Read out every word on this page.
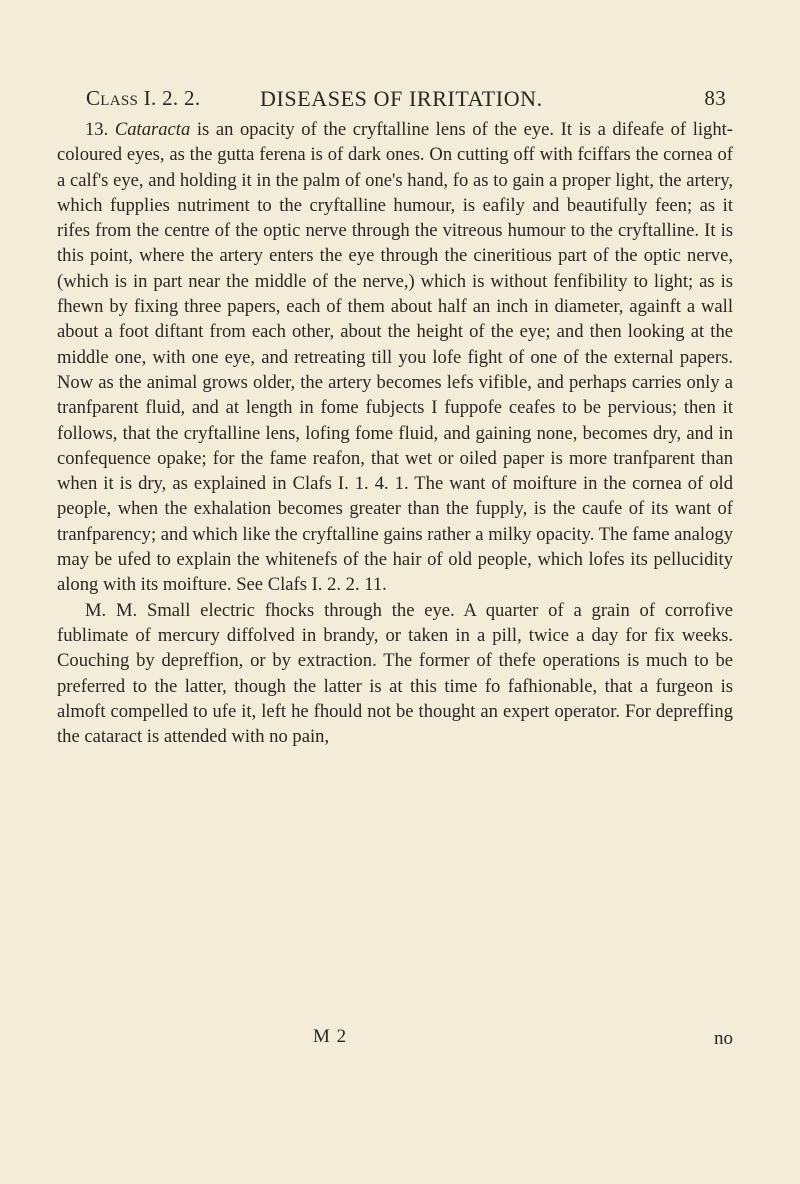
Class I. 2. 2.	DISEASES OF IRRITATION.	83

13. Cataracta is an opacity of the cryftalline lens of the eye. It is a difeafe of light-coloured eyes, as the gutta ferena is of dark ones. On cutting off with fciffars the cornea of a calf's eye, and holding it in the palm of one's hand, fo as to gain a proper light, the artery, which fupplies nutriment to the cryftalline humour, is eafily and beautifully feen; as it rifes from the centre of the optic nerve through the vitreous humour to the cryftalline. It is this point, where the artery enters the eye through the cineritious part of the optic nerve, (which is in part near the middle of the nerve,) which is without fenfibility to light; as is fhewn by fixing three papers, each of them about half an inch in diameter, againft a wall about a foot diftant from each other, about the height of the eye; and then looking at the middle one, with one eye, and retreating till you lofe fight of one of the external papers. Now as the animal grows older, the artery becomes lefs vifible, and perhaps carries only a tranfparent fluid, and at length in fome fubjects I fuppofe ceafes to be pervious; then it follows, that the cryftalline lens, lofing fome fluid, and gaining none, becomes dry, and in confequence opake; for the fame reafon, that wet or oiled paper is more tranfparent than when it is dry, as explained in Clafs I. 1. 4. 1. The want of moifture in the cornea of old people, when the exhalation becomes greater than the fupply, is the caufe of its want of tranfparency; and which like the cryftalline gains rather a milky opacity. The fame analogy may be ufed to explain the whitenefs of the hair of old people, which lofes its pellucidity along with its moifture. See Clafs I. 2. 2. 11.

M. M. Small electric fhocks through the eye. A quarter of a grain of corrofive fublimate of mercury diffolved in brandy, or taken in a pill, twice a day for fix weeks. Couching by depreffion, or by extraction. The former of thefe operations is much to be preferred to the latter, though the latter is at this time fo fafhionable, that a furgeon is almoft compelled to ufe it, left he fhould not be thought an expert operator. For depreffing the cataract is attended with no pain,

M 2	no
